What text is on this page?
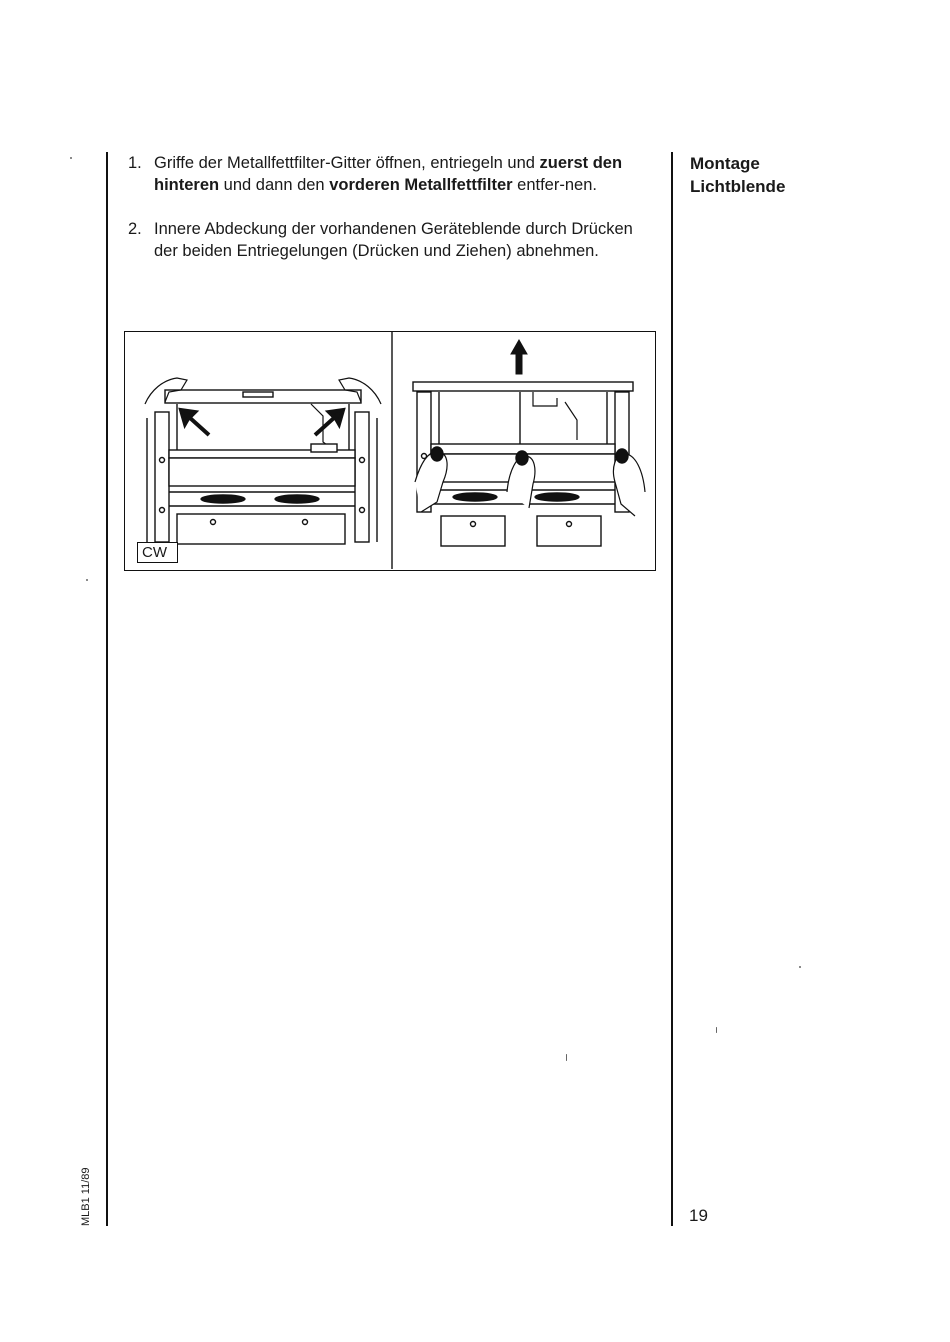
1. Griffe der Metallfettfilter-Gitter öffnen, entriegeln und zuerst den hinteren und dann den vorderen Metallfettfilter entfer-nen.
2. Innere Abdeckung der vorhandenen Geräteblende durch Drücken der beiden Entriegelungen (Drücken und Ziehen) abnehmen.
Montage
Lichtblende
CW
19
MLB1 11/89
